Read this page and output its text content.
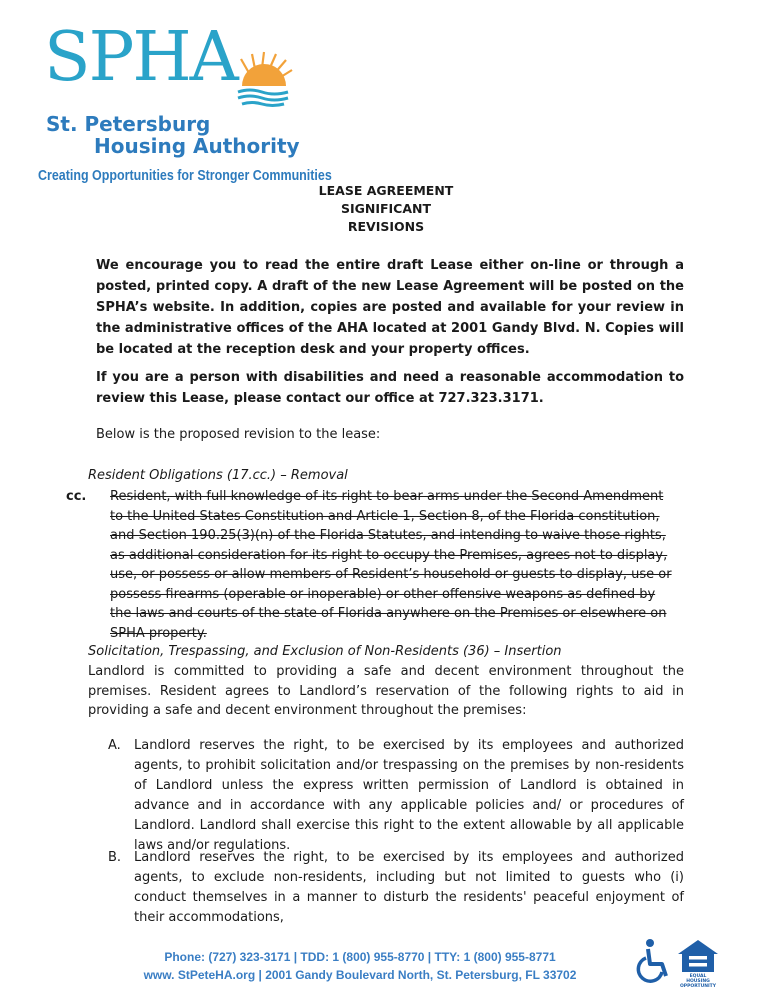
SPHA
St. Petersburg
Housing Authority
Creating Opportunities for Stronger Communities
LEASE AGREEMENT
SIGNIFICANT
REVISIONS
We encourage you to read the entire draft Lease either on-line or through a posted, printed copy. A draft of the new Lease Agreement will be posted on the SPHA’s website. In addition, copies are posted and available for your review in the administrative offices of the AHA located at 2001 Gandy Blvd. N. Copies will be located at the reception desk and your property offices.
If you are a person with disabilities and need a reasonable accommodation to review this Lease, please contact our office at 727.323.3171.
Below is the proposed revision to the lease:
Resident Obligations (17.cc.) – Removal
cc. Resident, with full knowledge of its right to bear arms under the Second Amendment to the United States Constitution and Article 1, Section 8, of the Florida constitution, and Section 190.25(3)(n) of the Florida Statutes, and intending to waive those rights, as additional consideration for its right to occupy the Premises, agrees not to display, use, or possess or allow members of Resident’s household or guests to display, use or possess firearms (operable or inoperable) or other offensive weapons as defined by the laws and courts of the state of Florida anywhere on the Premises or elsewhere on SPHA property.
Solicitation, Trespassing, and Exclusion of Non-Residents (36) – Insertion
Landlord is committed to providing a safe and decent environment throughout the premises. Resident agrees to Landlord’s reservation of the following rights to aid in providing a safe and decent environment throughout the premises:
A.	Landlord reserves the right, to be exercised by its employees and authorized agents, to prohibit solicitation and/or trespassing on the premises by non-residents of Landlord unless the express written permission of Landlord is obtained in advance and in accordance with any applicable policies and/ or procedures of Landlord. Landlord shall exercise this right to the extent allowable by all applicable laws and/or regulations.
B. Landlord reserves the right, to be exercised by its employees and authorized agents, to exclude non-residents, including but not limited to guests who (i) conduct themselves in a manner to disturb the residents' peaceful enjoyment of their accommodations,
Phone: (727) 323-3171 | TDD: 1 (800) 955-8770 | TTY: 1 (800) 955-8771
www. StPeteHA.org | 2001 Gandy Boulevard North, St. Petersburg, FL 33702	EQUAL HOUSING OPPORTUNITY
